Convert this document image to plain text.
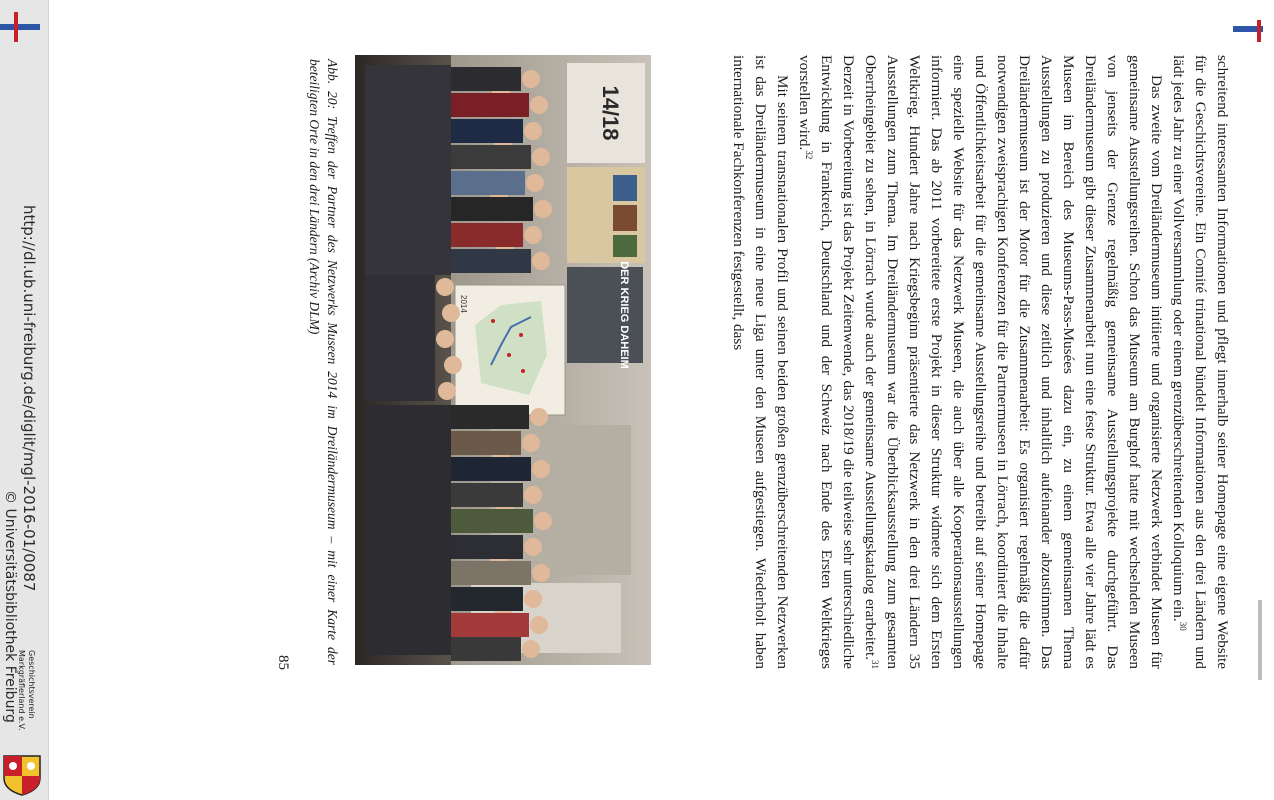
http://dl.ub.uni-freiburg.de/diglit/mgl-2016-01/0087
© Universitätsbibliothek Freiburg	Geschichtsverein
Markgräflerland e.V.

schreitend interessanten Informationen und pflegt innerhalb seiner Homepage eine eigene Website für die Geschichtsvereine. Ein Comité trinational bündelt Informationen aus den drei Ländern und lädt jedes Jahr zu einer Vollversammlung oder einem grenzüberschreitenden Kolloquium ein.$^{30}$

Das zweite vom Dreiländermuseum initiierte und organisierte Netzwerk verbindet Museen für gemeinsame Ausstellungsreihen. Schon das Museum am Burghof hatte mit wechselnden Museen von jenseits der Grenze regelmäßig gemeinsame Ausstellungsprojekte durchgeführt. Das Dreiländermuseum gibt dieser Zusammenarbeit nun eine feste Struktur. Etwa alle vier Jahre lädt es Museen im Bereich des Museums-Pass-Musées dazu ein, zu einem gemeinsamen Thema Ausstellungen zu produzieren und diese zeitlich und inhaltlich aufeinander abzustimmen. Das Dreiländermuseum ist der Motor für die Zusammenarbeit: Es organisiert regelmäßig die dafür notwendigen zweisprachigen Konferenzen für die Partnermuseen in Lörrach, koordiniert die Inhalte und Öffentlichkeitsarbeit für die gemeinsame Ausstellungsreihe und betreibt auf seiner Homepage eine spezielle Website für das Netzwerk Museen, die auch über alle Kooperationsausstellungen informiert. Das ab 2011 vorbereitete erste Projekt in dieser Struktur widmete sich dem Ersten Weltkrieg. Hundert Jahre nach Kriegsbeginn präsentierte das Netzwerk in den drei Ländern 35 Ausstellungen zum Thema. Im Dreiländermuseum war die Überblicksausstellung zum gesamten Oberrheingebiet zu sehen, in Lörrach wurde auch der gemeinsame Ausstellungskatalog erarbeitet.$^{31}$ Derzeit in Vorbereitung ist das Projekt Zeitenwende, das 2018/19 die teilweise sehr unterschiedliche Entwicklung in Frankreich, Deutschland und der Schweiz nach Ende des Ersten Weltkrieges vorstellen wird.$^{32}$

Mit seinem transnationalen Profil und seinen beiden großen grenzüberschreitenden Netzwerken ist das Dreiländermuseum in eine neue Liga unter den Museen aufgestiegen. Wiederholt haben internationale Fachkonferenzen festgestellt, dass

14/18
DER KRIEG DAHEIM
2014
Abb. 20: Treffen der Partner des Netzwerks Museen 2014 im Dreiländermuseum – mit einer Karte der beteiligten Orte in den drei Ländern (Archiv DLM)
85
